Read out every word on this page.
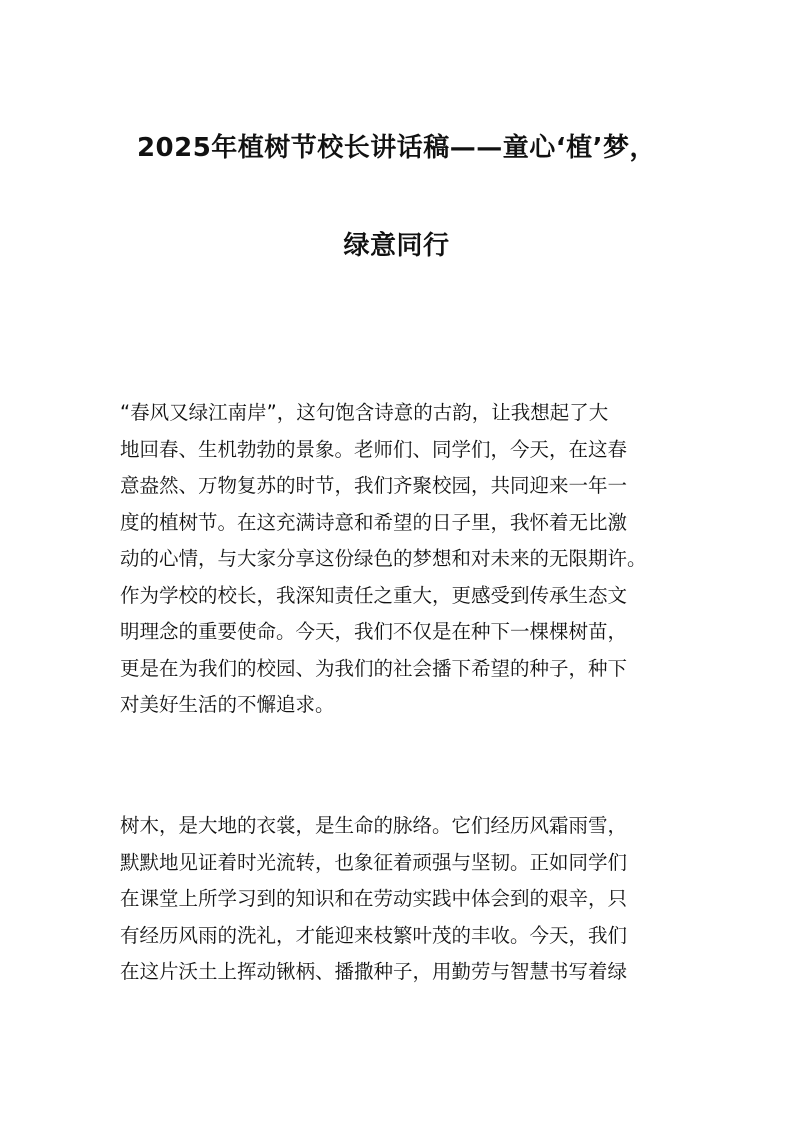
2025年植树节校长讲话稿——童心‘植’梦，
绿意同行
“春风又绿江南岸”，这句饱含诗意的古韵，让我想起了大
地回春、生机勃勃的景象。老师们、同学们，今天，在这春
意盎然、万物复苏的时节，我们齐聚校园，共同迎来一年一
度的植树节。在这充满诗意和希望的日子里，我怀着无比激
动的心情，与大家分享这份绿色的梦想和对未来的无限期许。
作为学校的校长，我深知责任之重大，更感受到传承生态文
明理念的重要使命。今天，我们不仅是在种下一棵棵树苗，
更是在为我们的校园、为我们的社会播下希望的种子，种下
对美好生活的不懈追求。
树木，是大地的衣裳，是生命的脉络。它们经历风霜雨雪，
默默地见证着时光流转，也象征着顽强与坚韧。正如同学们
在课堂上所学习到的知识和在劳动实践中体会到的艰辛，只
有经历风雨的洗礼，才能迎来枝繁叶茂的丰收。今天，我们
在这片沃土上挥动锹柄、播撒种子，用勤劳与智慧书写着绿
